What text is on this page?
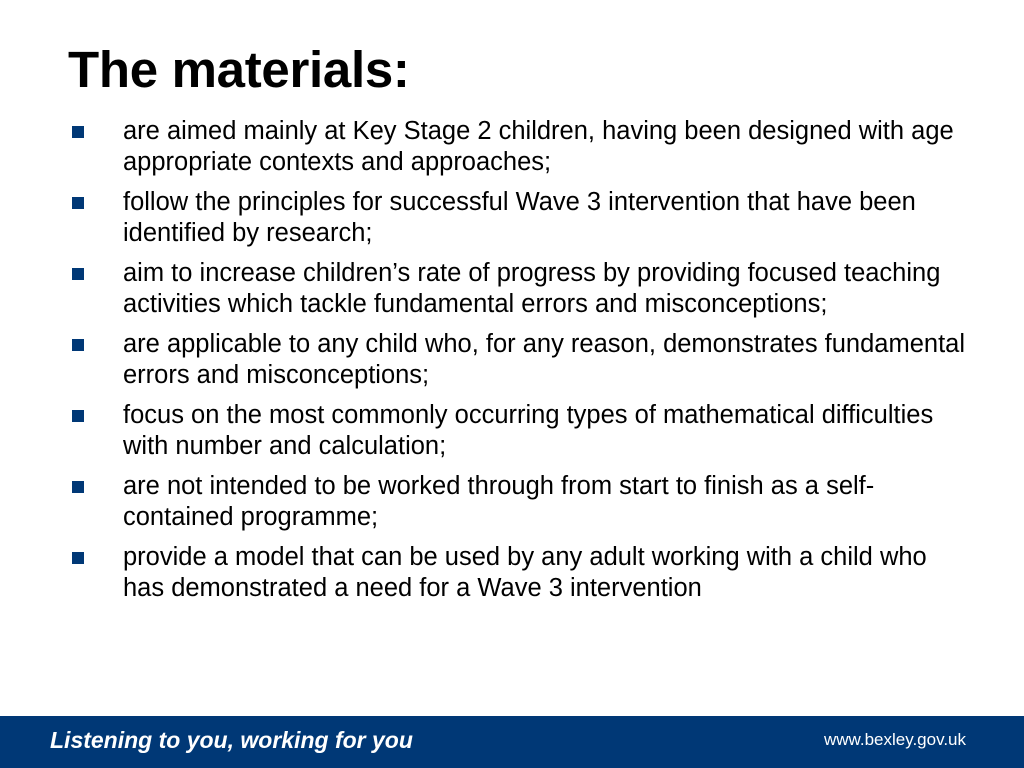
The materials:
are aimed mainly at Key Stage 2 children, having been designed with age appropriate contexts and approaches;
follow the principles for successful Wave 3 intervention that have been identified by research;
aim to increase children’s rate of progress by providing focused teaching activities which tackle fundamental errors and misconceptions;
are applicable to any child who, for any reason, demonstrates fundamental errors and misconceptions;
focus on the most commonly occurring types of mathematical difficulties with number and calculation;
are not intended to be worked through from start to finish as a self-contained programme;
provide a model that can be used by any adult working with a child who has demonstrated a need for a Wave 3 intervention
Listening to you, working for you	www.bexley.gov.uk
